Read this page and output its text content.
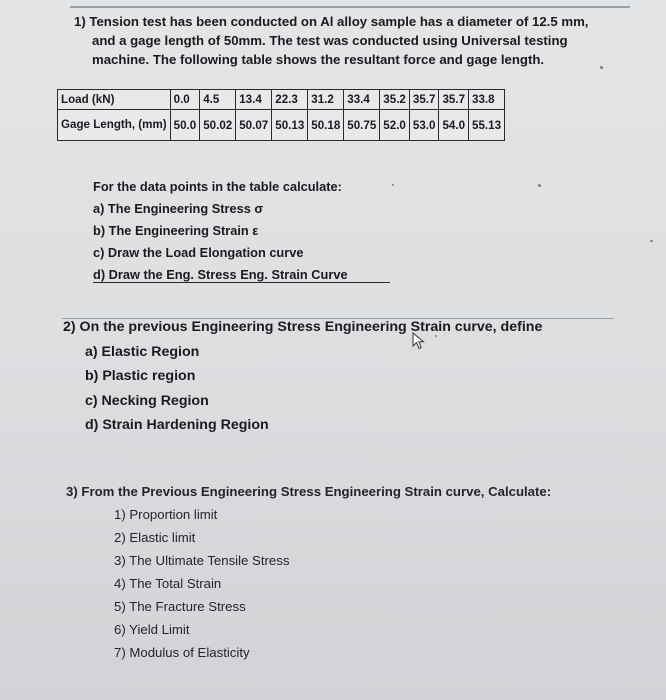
1) Tension test has been conducted on Al alloy sample has a diameter of 12.5 mm,
and a gage length of 50mm. The test was conducted using Universal testing
machine. The following table shows the resultant force and gage length.
Load (kN)	0.0	4.5	13.4	22.3	31.2	33.4	35.2	35.7	35.7	33.8
Gage Length, (mm)	50.0	50.02	50.07	50.13	50.18	50.75	52.0	53.0	54.0	55.13
For the data points in the table calculate:
a) The Engineering Stress σ
b) The Engineering Strain ε
c) Draw the Load Elongation curve
d) Draw the Eng. Stress Eng. Strain Curve
2) On the previous Engineering Stress Engineering Strain curve, define
a) Elastic Region
b) Plastic region
c) Necking Region
d) Strain Hardening Region
3) From the Previous Engineering Stress Engineering Strain curve, Calculate:
1) Proportion limit
2) Elastic limit
3) The Ultimate Tensile Stress
4) The Total Strain
5) The Fracture Stress
6) Yield Limit
7) Modulus of Elasticity
